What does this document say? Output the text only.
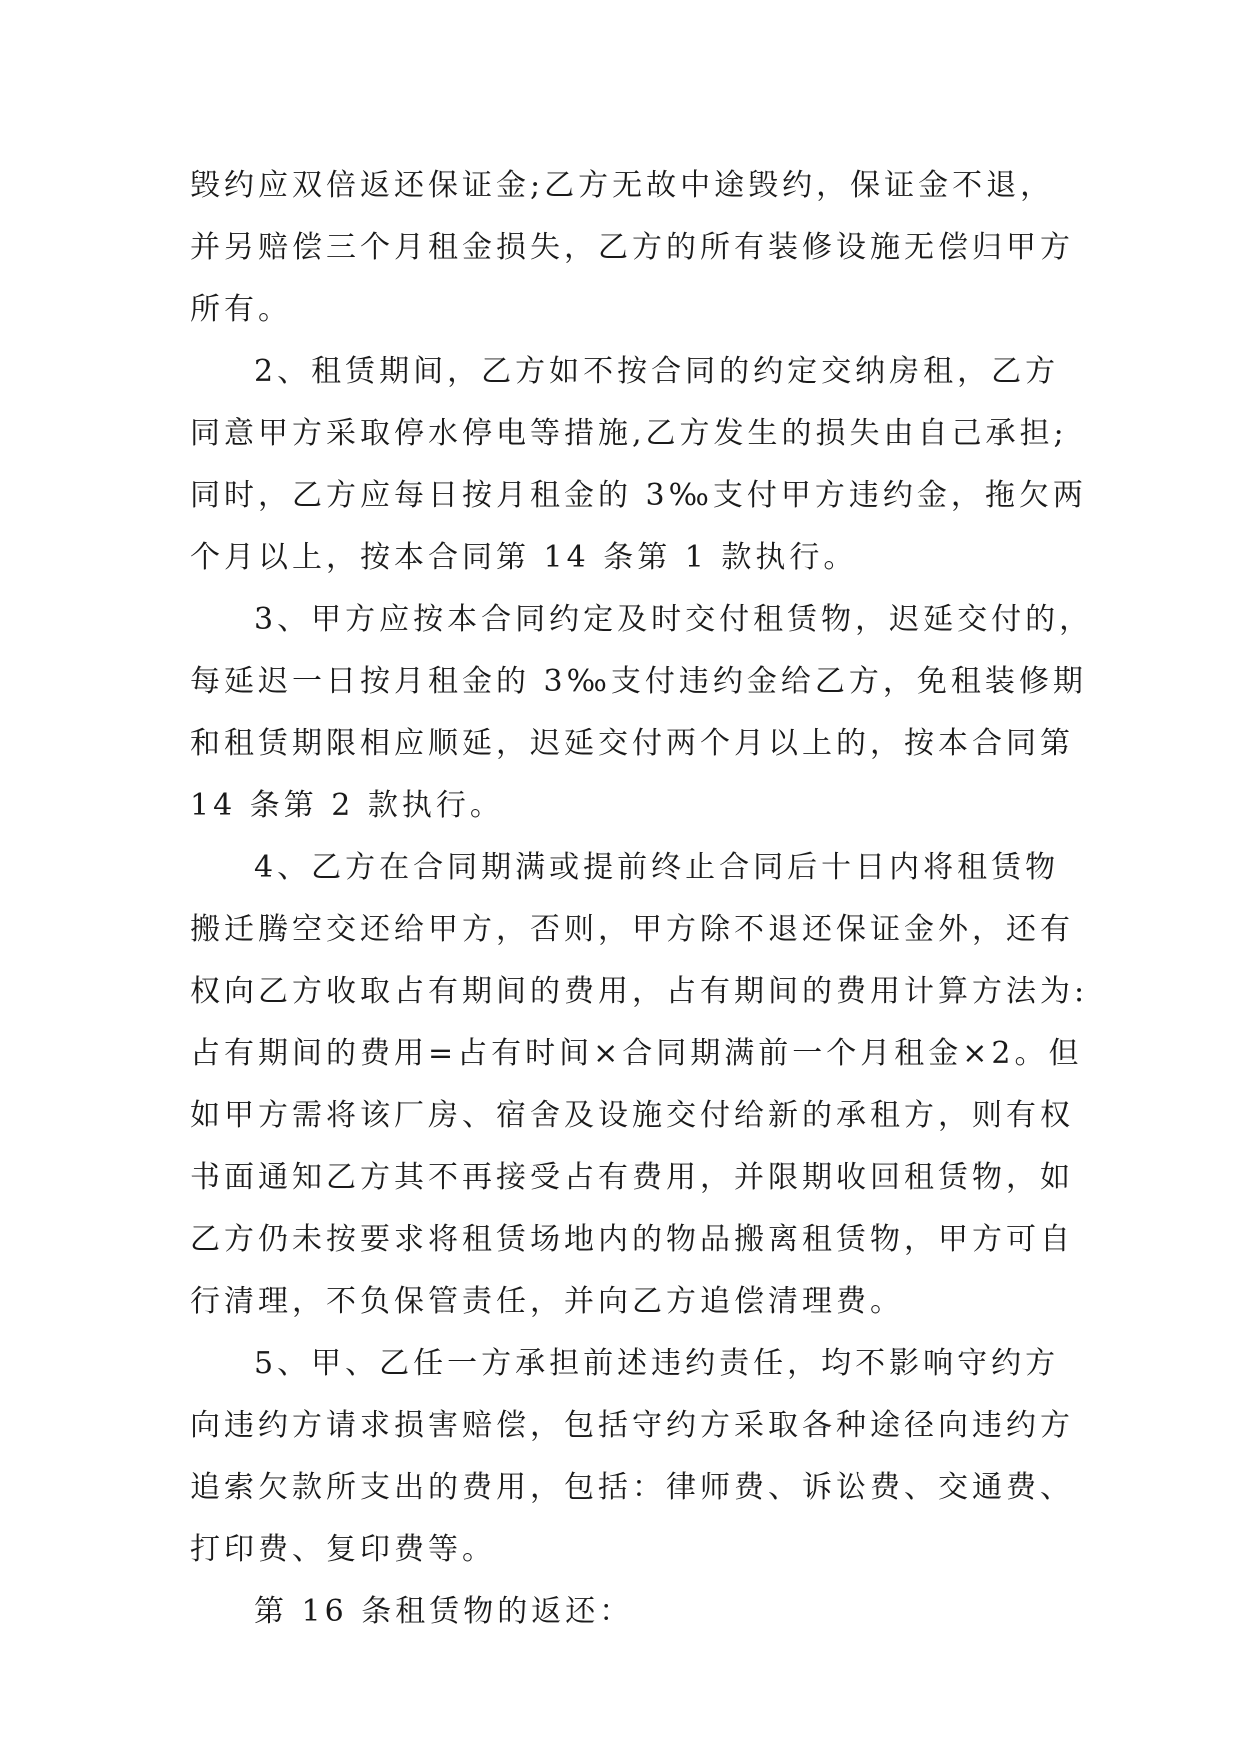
毁约应双倍返还保证金;乙方无故中途毁约，保证金不退，
并另赔偿三个月租金损失，乙方的所有装修设施无偿归甲方
所有。
2、租赁期间，乙方如不按合同的约定交纳房租，乙方
同意甲方采取停水停电等措施,乙方发生的损失由自己承担;
同时，乙方应每日按月租金的 3‰支付甲方违约金，拖欠两
个月以上，按本合同第 14 条第 1 款执行。
3、甲方应按本合同约定及时交付租赁物，迟延交付的，
每延迟一日按月租金的 3‰支付违约金给乙方，免租装修期
和租赁期限相应顺延，迟延交付两个月以上的，按本合同第
14 条第 2 款执行。
4、乙方在合同期满或提前终止合同后十日内将租赁物
搬迁腾空交还给甲方，否则，甲方除不退还保证金外，还有
权向乙方收取占有期间的费用，占有期间的费用计算方法为:
占有期间的费用=占有时间×合同期满前一个月租金×2。但
如甲方需将该厂房、宿舍及设施交付给新的承租方，则有权
书面通知乙方其不再接受占有费用，并限期收回租赁物，如
乙方仍未按要求将租赁场地内的物品搬离租赁物，甲方可自
行清理，不负保管责任，并向乙方追偿清理费。
5、甲、乙任一方承担前述违约责任，均不影响守约方
向违约方请求损害赔偿，包括守约方采取各种途径向违约方
追索欠款所支出的费用，包括：律师费、诉讼费、交通费、
打印费、复印费等。
第 16 条租赁物的返还：
